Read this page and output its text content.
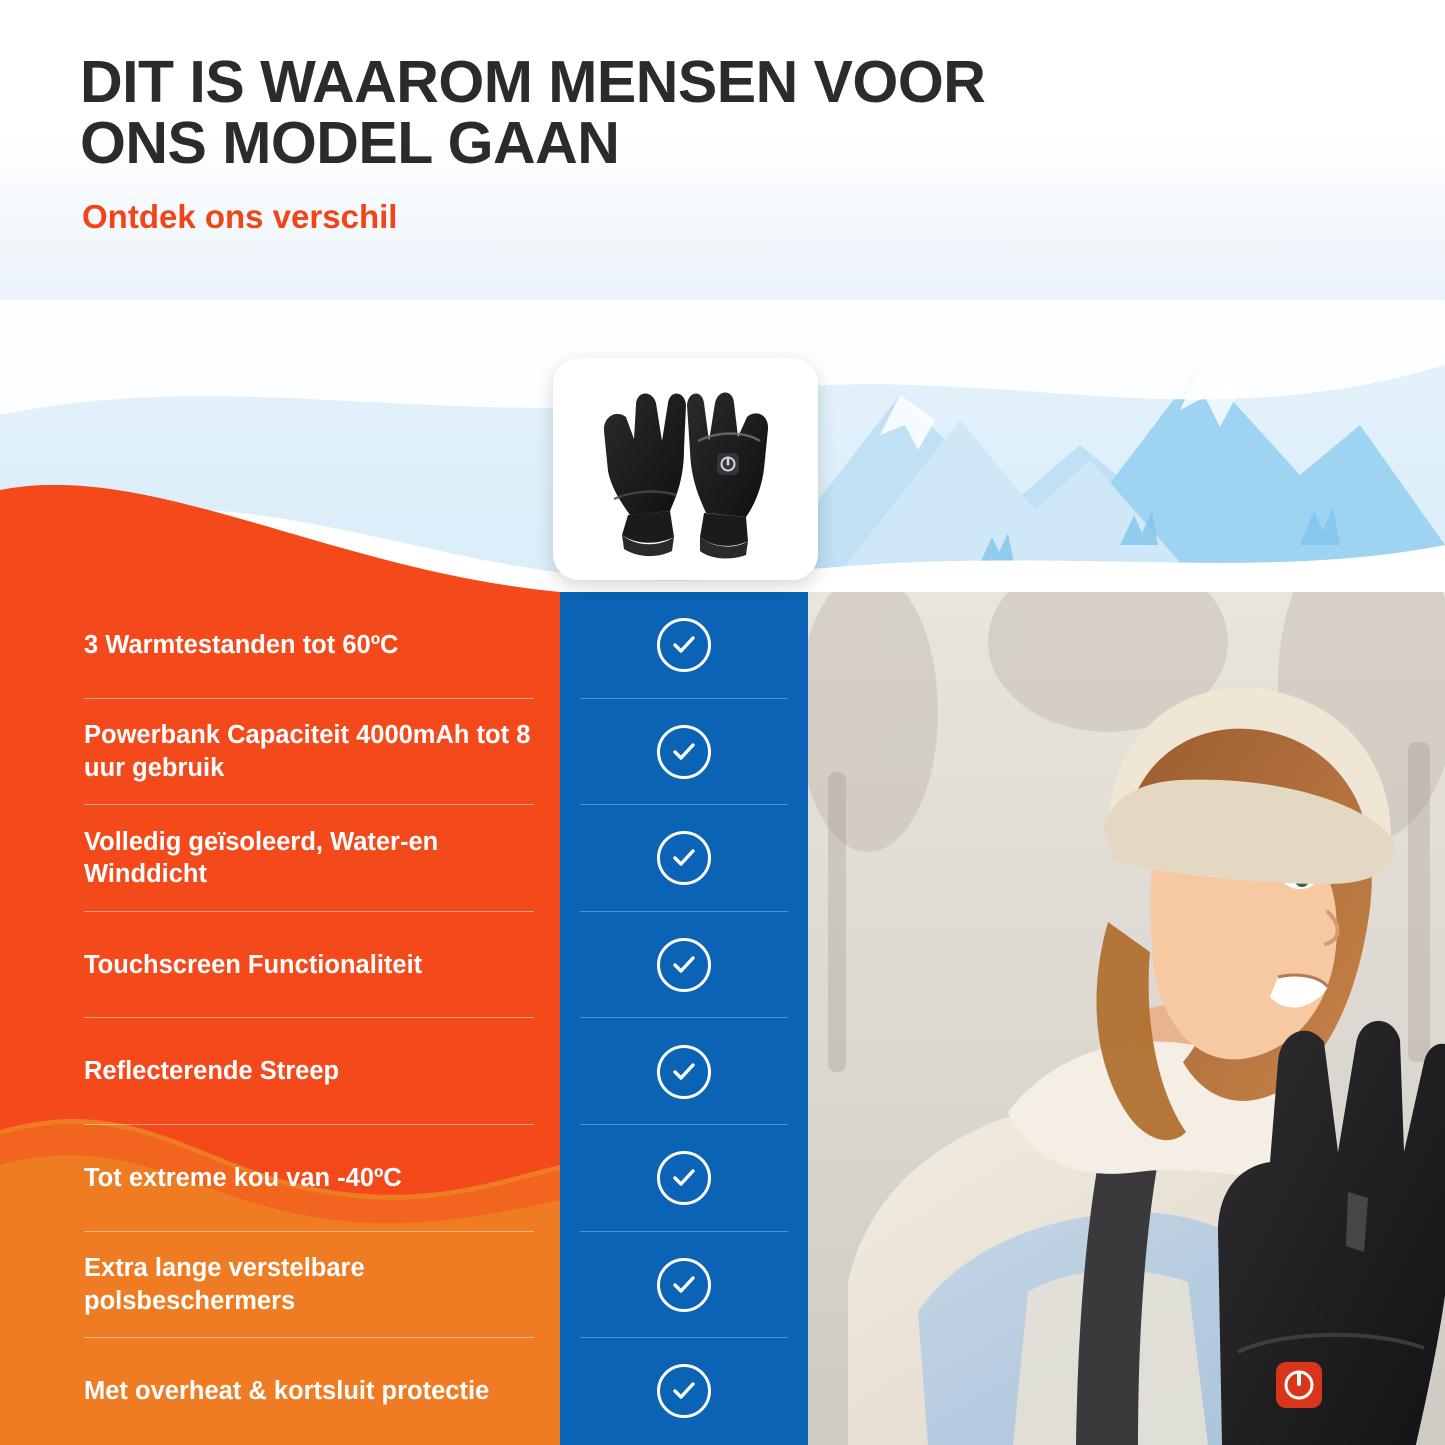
DIT IS WAAROM MENSEN VOOR ONS MODEL GAAN
Ontdek ons verschil
3 Warmtestanden tot 60ºC
Powerbank Capaciteit 4000mAh tot 8 uur gebruik
Volledig geïsoleerd, Water-en Winddicht
Touchscreen Functionaliteit
Reflecterende Streep
Tot extreme kou van -40ºC
Extra lange verstelbare polsbeschermers
Met overheat & kortsluit protectie
